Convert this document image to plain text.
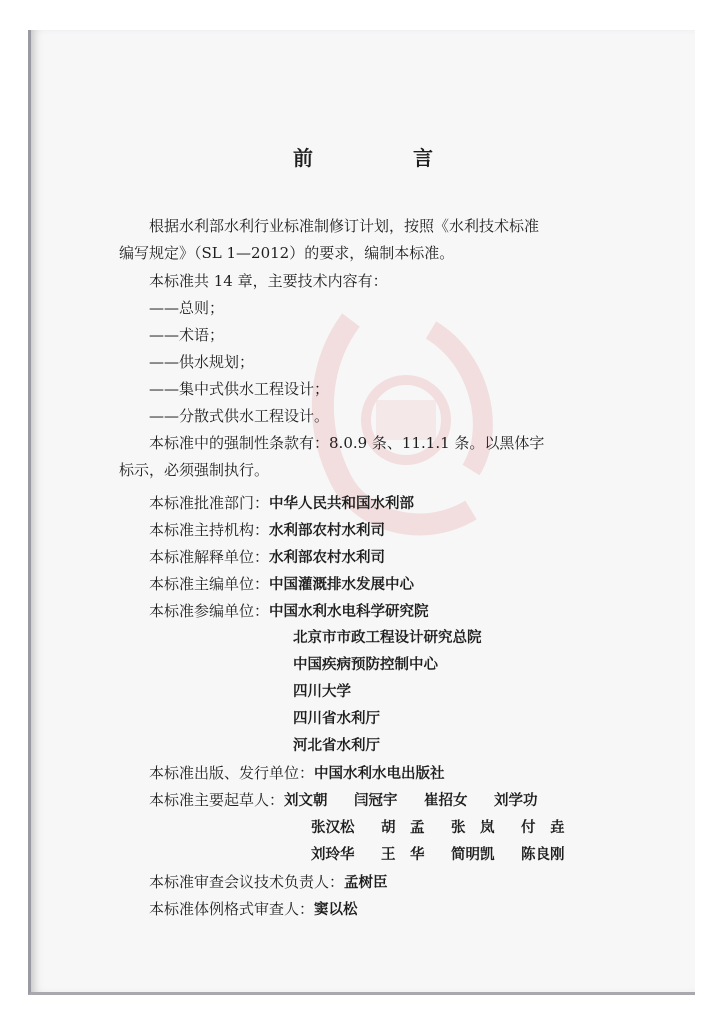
前　言
根据水利部水利行业标准制修订计划，按照《水利技术标准
编写规定》（SL 1—2012）的要求，编制本标准。
本标准共 14 章，主要技术内容有：
——总则；
——术语；
——供水规划；
——集中式供水工程设计；
——分散式供水工程设计。
本标准中的强制性条款有：8.0.9 条、11.1.1 条。以黑体字
标示，必须强制执行。
本标准批准部门：中华人民共和国水利部
本标准主持机构：水利部农村水利司
本标准解释单位：水利部农村水利司
本标准主编单位：中国灌溉排水发展中心
本标准参编单位：中国水利水电科学研究院
北京市市政工程设计研究总院
中国疾病预防控制中心
四川大学
四川省水利厅
河北省水利厅
本标准出版、发行单位：中国水利水电出版社
本标准主要起草人：刘文朝 闫冠宇 崔招女 刘学功
张汉松 胡　孟 张　岚 付　垚
刘玲华 王　华 简明凯 陈良刚
本标准审查会议技术负责人：孟树臣
本标准体例格式审查人：窦以松
